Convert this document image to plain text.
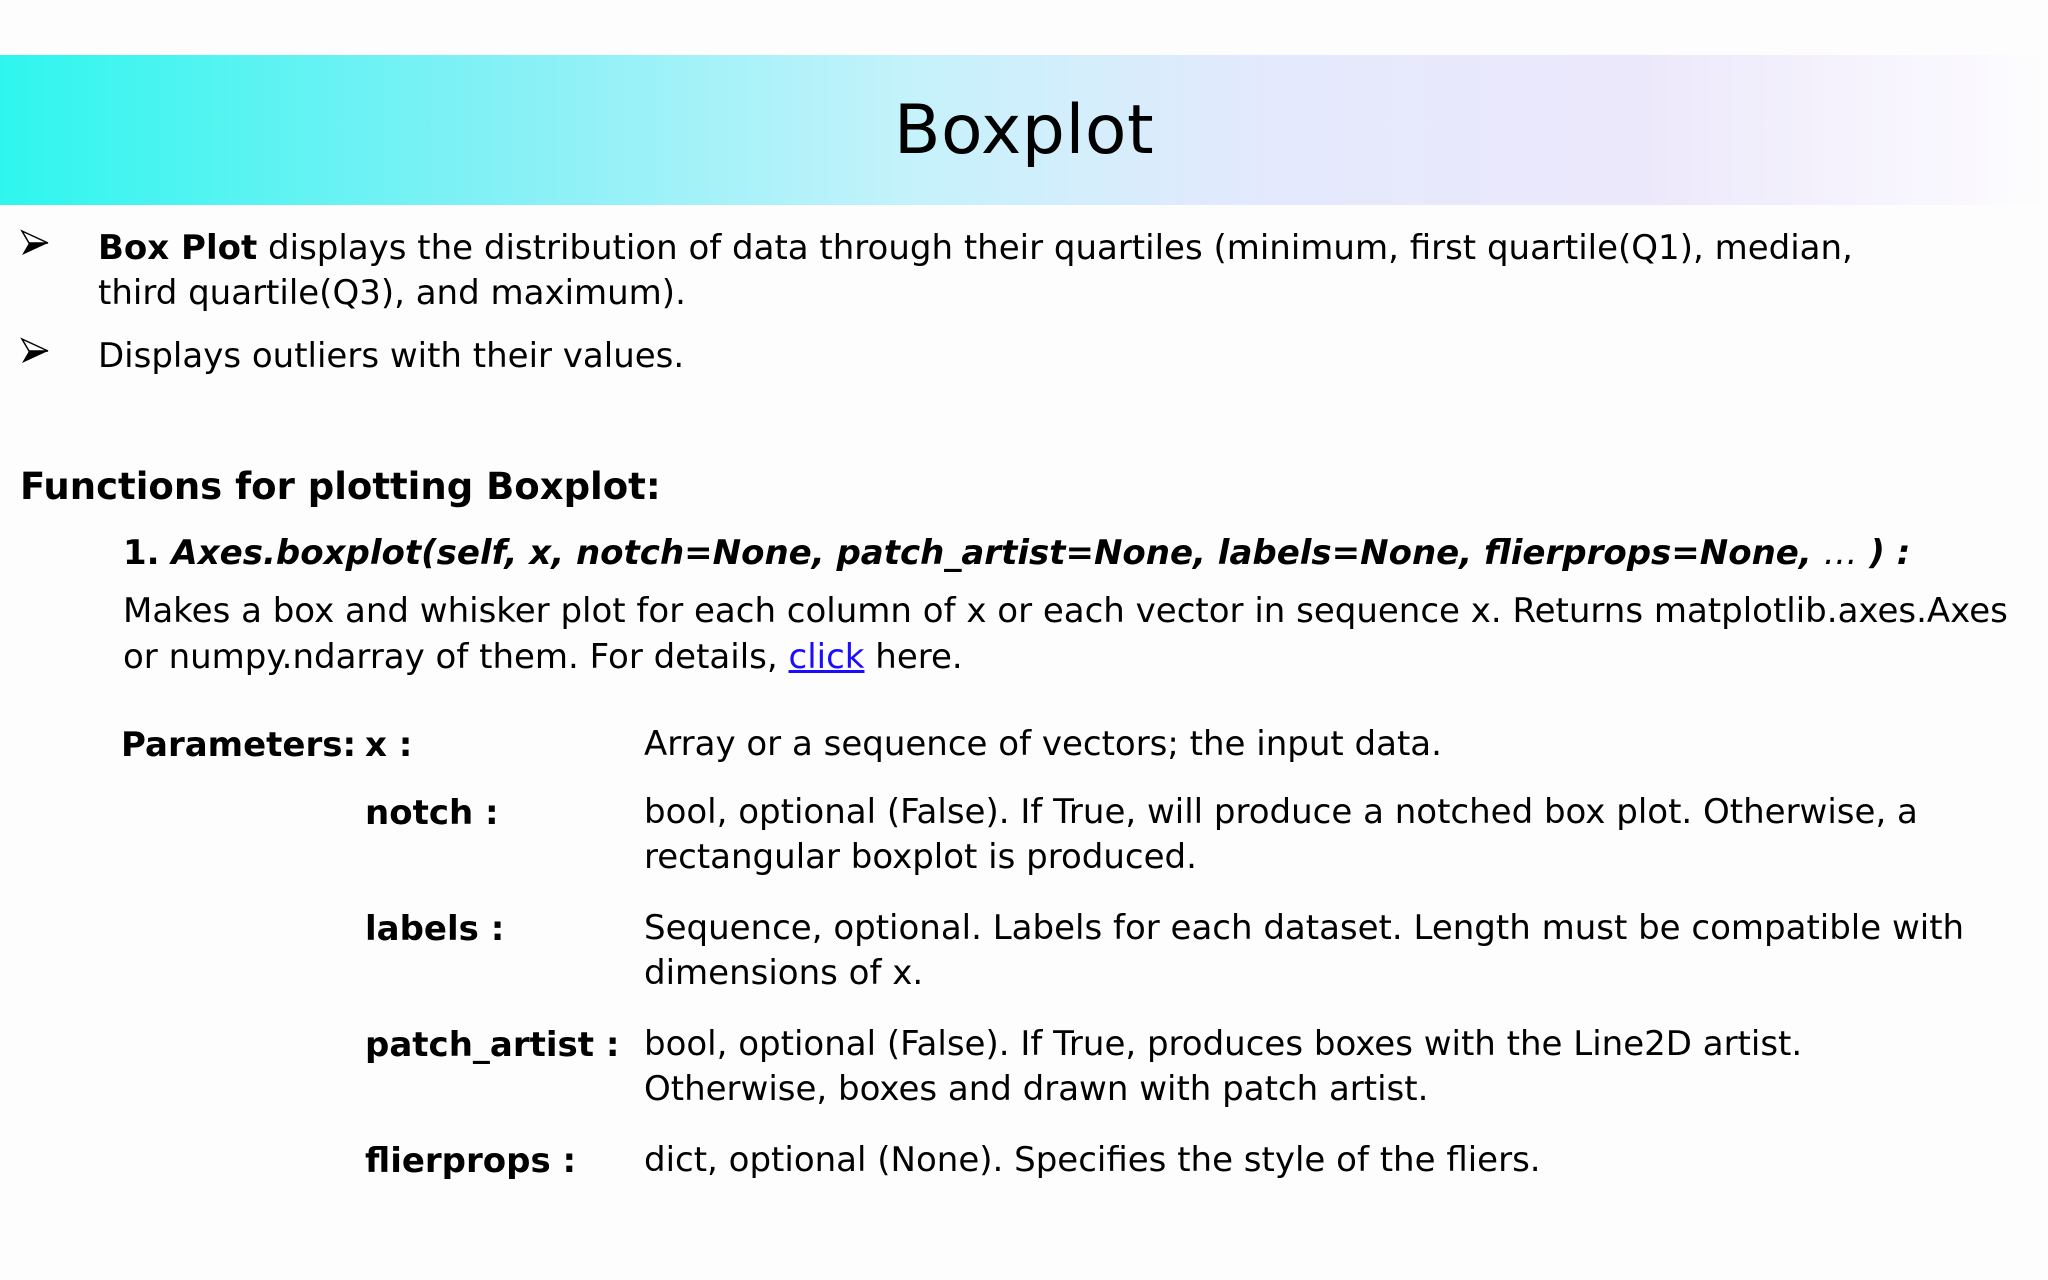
Boxplot
Box Plot displays the distribution of data through their quartiles (minimum, first quartile(Q1), median, third quartile(Q3), and maximum).
Displays outliers with their values.
Functions for plotting Boxplot:
1. Axes.boxplot(self, x, notch=None, patch_artist=None, labels=None, flierprops=None, … ) :
Makes a box and whisker plot for each column of x or each vector in sequence x. Returns matplotlib.axes.Axes or numpy.ndarray of them. For details, click here.
Parameters: x :	Array or a sequence of vectors; the input data.
notch :	bool, optional (False). If True, will produce a notched box plot. Otherwise, a rectangular boxplot is produced.
labels :	Sequence, optional. Labels for each dataset. Length must be compatible with dimensions of x.
patch_artist : bool, optional (False). If True, produces boxes with the Line2D artist. Otherwise, boxes and drawn with patch artist.
flierprops : dict, optional (None). Specifies the style of the fliers.
